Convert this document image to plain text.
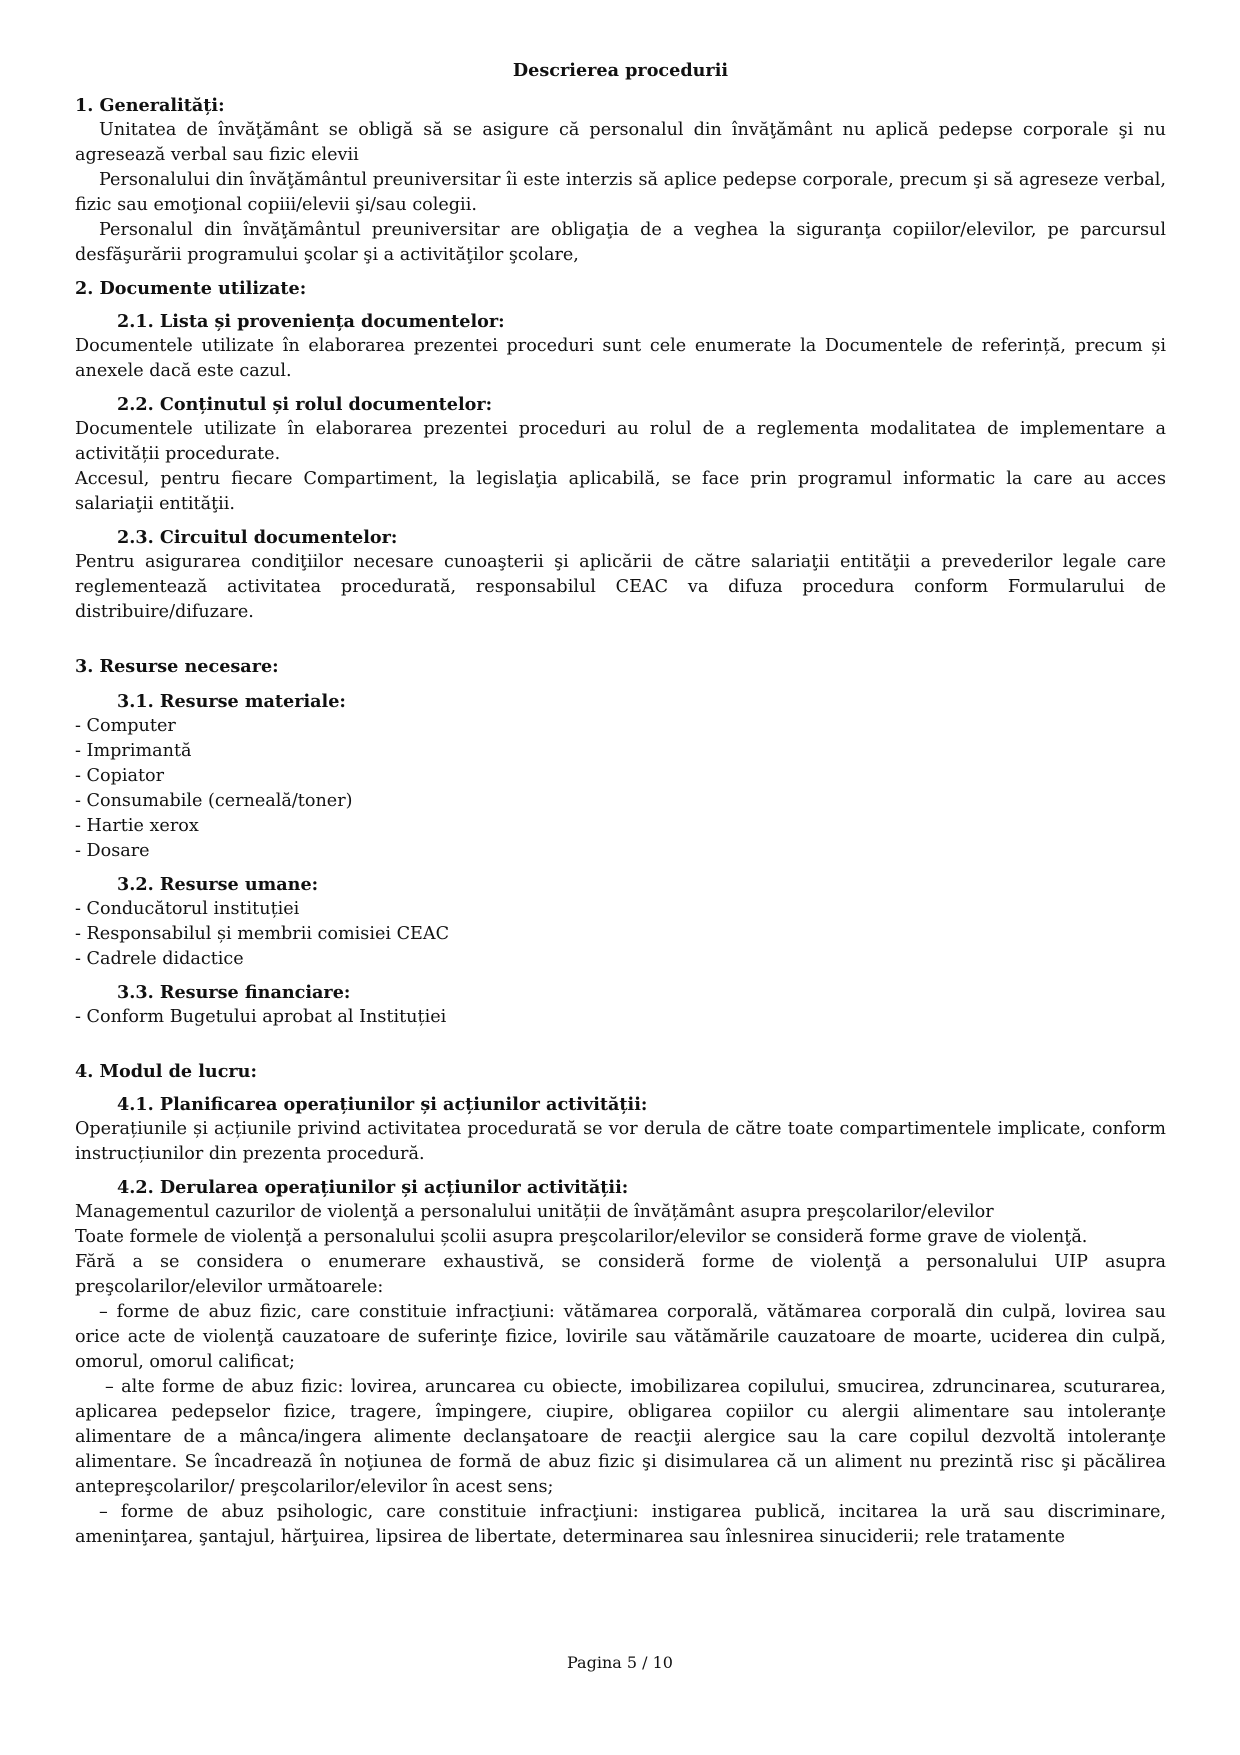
Descrierea procedurii
1. Generalități:

Unitatea de învăţământ se obligă să se asigure că personalul din învăţământ nu aplică pedepse corporale şi nu agresează verbal sau fizic elevii

Personalului din învăţământul preuniversitar îi este interzis să aplice pedepse corporale, precum şi să agreseze verbal, fizic sau emoţional copiii/elevii şi/sau colegii.

Personalul din învăţământul preuniversitar are obligaţia de a veghea la siguranţa copiilor/elevilor, pe parcursul desfăşurării programului şcolar şi a activităţilor şcolare,

2. Documente utilizate:
2.1. Lista și proveniența documentelor:

Documentele utilizate în elaborarea prezentei proceduri sunt cele enumerate la Documentele de referință, precum și anexele dacă este cazul.

2.2. Conținutul și rolul documentelor:

Documentele utilizate în elaborarea prezentei proceduri au rolul de a reglementa modalitatea de implementare a activității procedurate.

Accesul, pentru fiecare Compartiment, la legislaţia aplicabilă, se face prin programul informatic la care au acces salariaţii entităţii.

2.3. Circuitul documentelor:

Pentru asigurarea condiţiilor necesare cunoaşterii şi aplicării de către salariaţii entităţii a prevederilor legale care reglementează activitatea procedurată, responsabilul CEAC va difuza procedura conform Formularului de distribuire/difuzare.

3. Resurse necesare:
3.1. Resurse materiale:
- Computer
- Imprimantă
- Copiator
- Consumabile (cerneală/toner)
- Hartie xerox
- Dosare
3.2. Resurse umane:
- Conducătorul instituției
- Responsabilul și membrii comisiei CEAC
- Cadrele didactice
3.3. Resurse financiare:
- Conform Bugetului aprobat al Instituției
4. Modul de lucru:
4.1. Planificarea operațiunilor și acțiunilor activității:

Operațiunile și acțiunile privind activitatea procedurată se vor derula de către toate compartimentele implicate, conform instrucțiunilor din prezenta procedură.

4.2. Derularea operațiunilor și acțiunilor activității:

Managementul cazurilor de violenţă a personalului unității de învățământ asupra preşcolarilor/elevilor

Toate formele de violenţă a personalului școlii asupra preşcolarilor/elevilor se consideră forme grave de violenţă.

Fără a se considera o enumerare exhaustivă, se consideră forme de violenţă a personalului UIP asupra preşcolarilor/elevilor următoarele:

– forme de abuz fizic, care constituie infracţiuni: vătămarea corporală, vătămarea corporală din culpă, lovirea sau orice acte de violenţă cauzatoare de suferinţe fizice, lovirile sau vătămările cauzatoare de moarte, uciderea din culpă, omorul, omorul calificat;

– alte forme de abuz fizic: lovirea, aruncarea cu obiecte, imobilizarea copilului, smucirea, zdruncinarea, scuturarea, aplicarea pedepselor fizice, tragere, împingere, ciupire, obligarea copiilor cu alergii alimentare sau intoleranţe alimentare de a mânca/ingera alimente declanşatoare de reacţii alergice sau la care copilul dezvoltă intoleranţe alimentare. Se încadrează în noţiunea de formă de abuz fizic şi disimularea că un aliment nu prezintă risc şi păcălirea antepreşcolarilor/ preşcolarilor/elevilor în acest sens;

– forme de abuz psihologic, care constituie infracţiuni: instigarea publică, incitarea la ură sau discriminare, ameninţarea, şantajul, hărţuirea, lipsirea de libertate, determinarea sau înlesnirea sinuciderii; rele tratamente

Pagina 5 / 10
